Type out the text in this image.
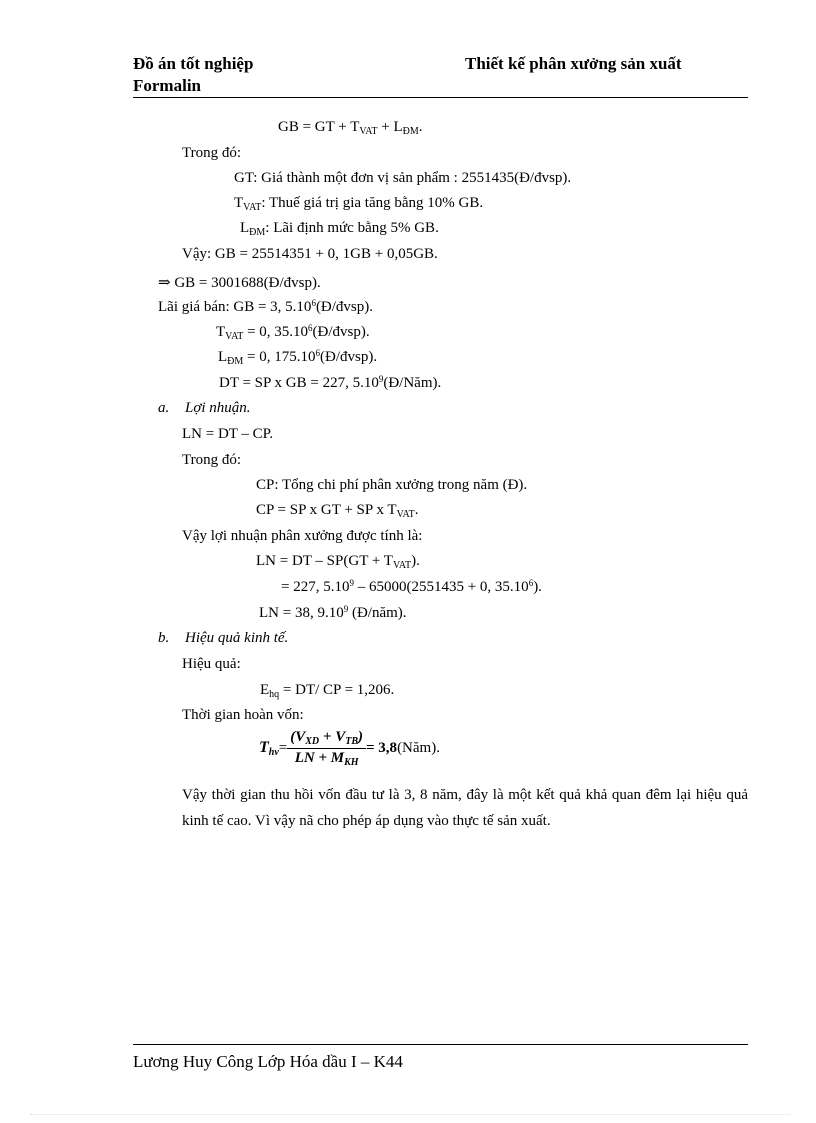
Đồ án tốt nghiệp	Thiết kế phân xưởng sản xuất
Formalin
GB = GT + $T_{VAT} + L_{ĐM}$.
Trong đó:
GT: Giá thành một đơn vị sản phẩm : 2551435(Đ/đvsp).
$T_{VAT}$: Thuế giá trị gia tăng bằng 10% GB.
$L_{ĐM}$: Lãi định mức bằng 5% GB.
Vậy: GB = 25514351 + 0, 1GB + 0,05GB.
⇒ GB = 3001688(Đ/đvsp).
Lãi giá bán: GB = 3, 5.10$^6$(Đ/đvsp).
$T_{VAT} = 0$, 35.10$^6$(Đ/đvsp).
$L_{ĐM} = 0$, 175.10$^6$(Đ/đvsp).
DT = SP x GB = 227, 5.10$^9$(Đ/Năm).
a. Lợi nhuận.
LN = DT – CP.
Trong đó:
CP: Tổng chi phí phân xưởng trong năm (Đ).
CP = SP x GT + SP x $T_{VAT}$.
Vậy lợi nhuận phân xưởng được tính là:
LN = DT – $SP(GT + T_{VAT})$.
= 227, 5.10$^9$ – 65000(2551435 + 0, 35.10$^6$).
LN = 38, 9.10$^9$ (Đ/năm).
b. Hiệu quả kinh tế.
Hiệu quả:
$E_{hq} = DT/$ CP = 1,206.
Thời gian hoàn vốn:
$T_{hv} = \frac{(V_{XD} + V_{TB})}{LN + M_{KH}} = 3,8$ (Năm).
Vậy thời gian thu hồi vốn đầu tư là 3, 8 năm, đây là một kết quả khả quan đêm lại hiệu quả kinh tế cao. Vì vậy nã cho phép áp dụng vào thực tế sản xuất.
Lương Huy Công Lớp Hóa dầu I – K44
